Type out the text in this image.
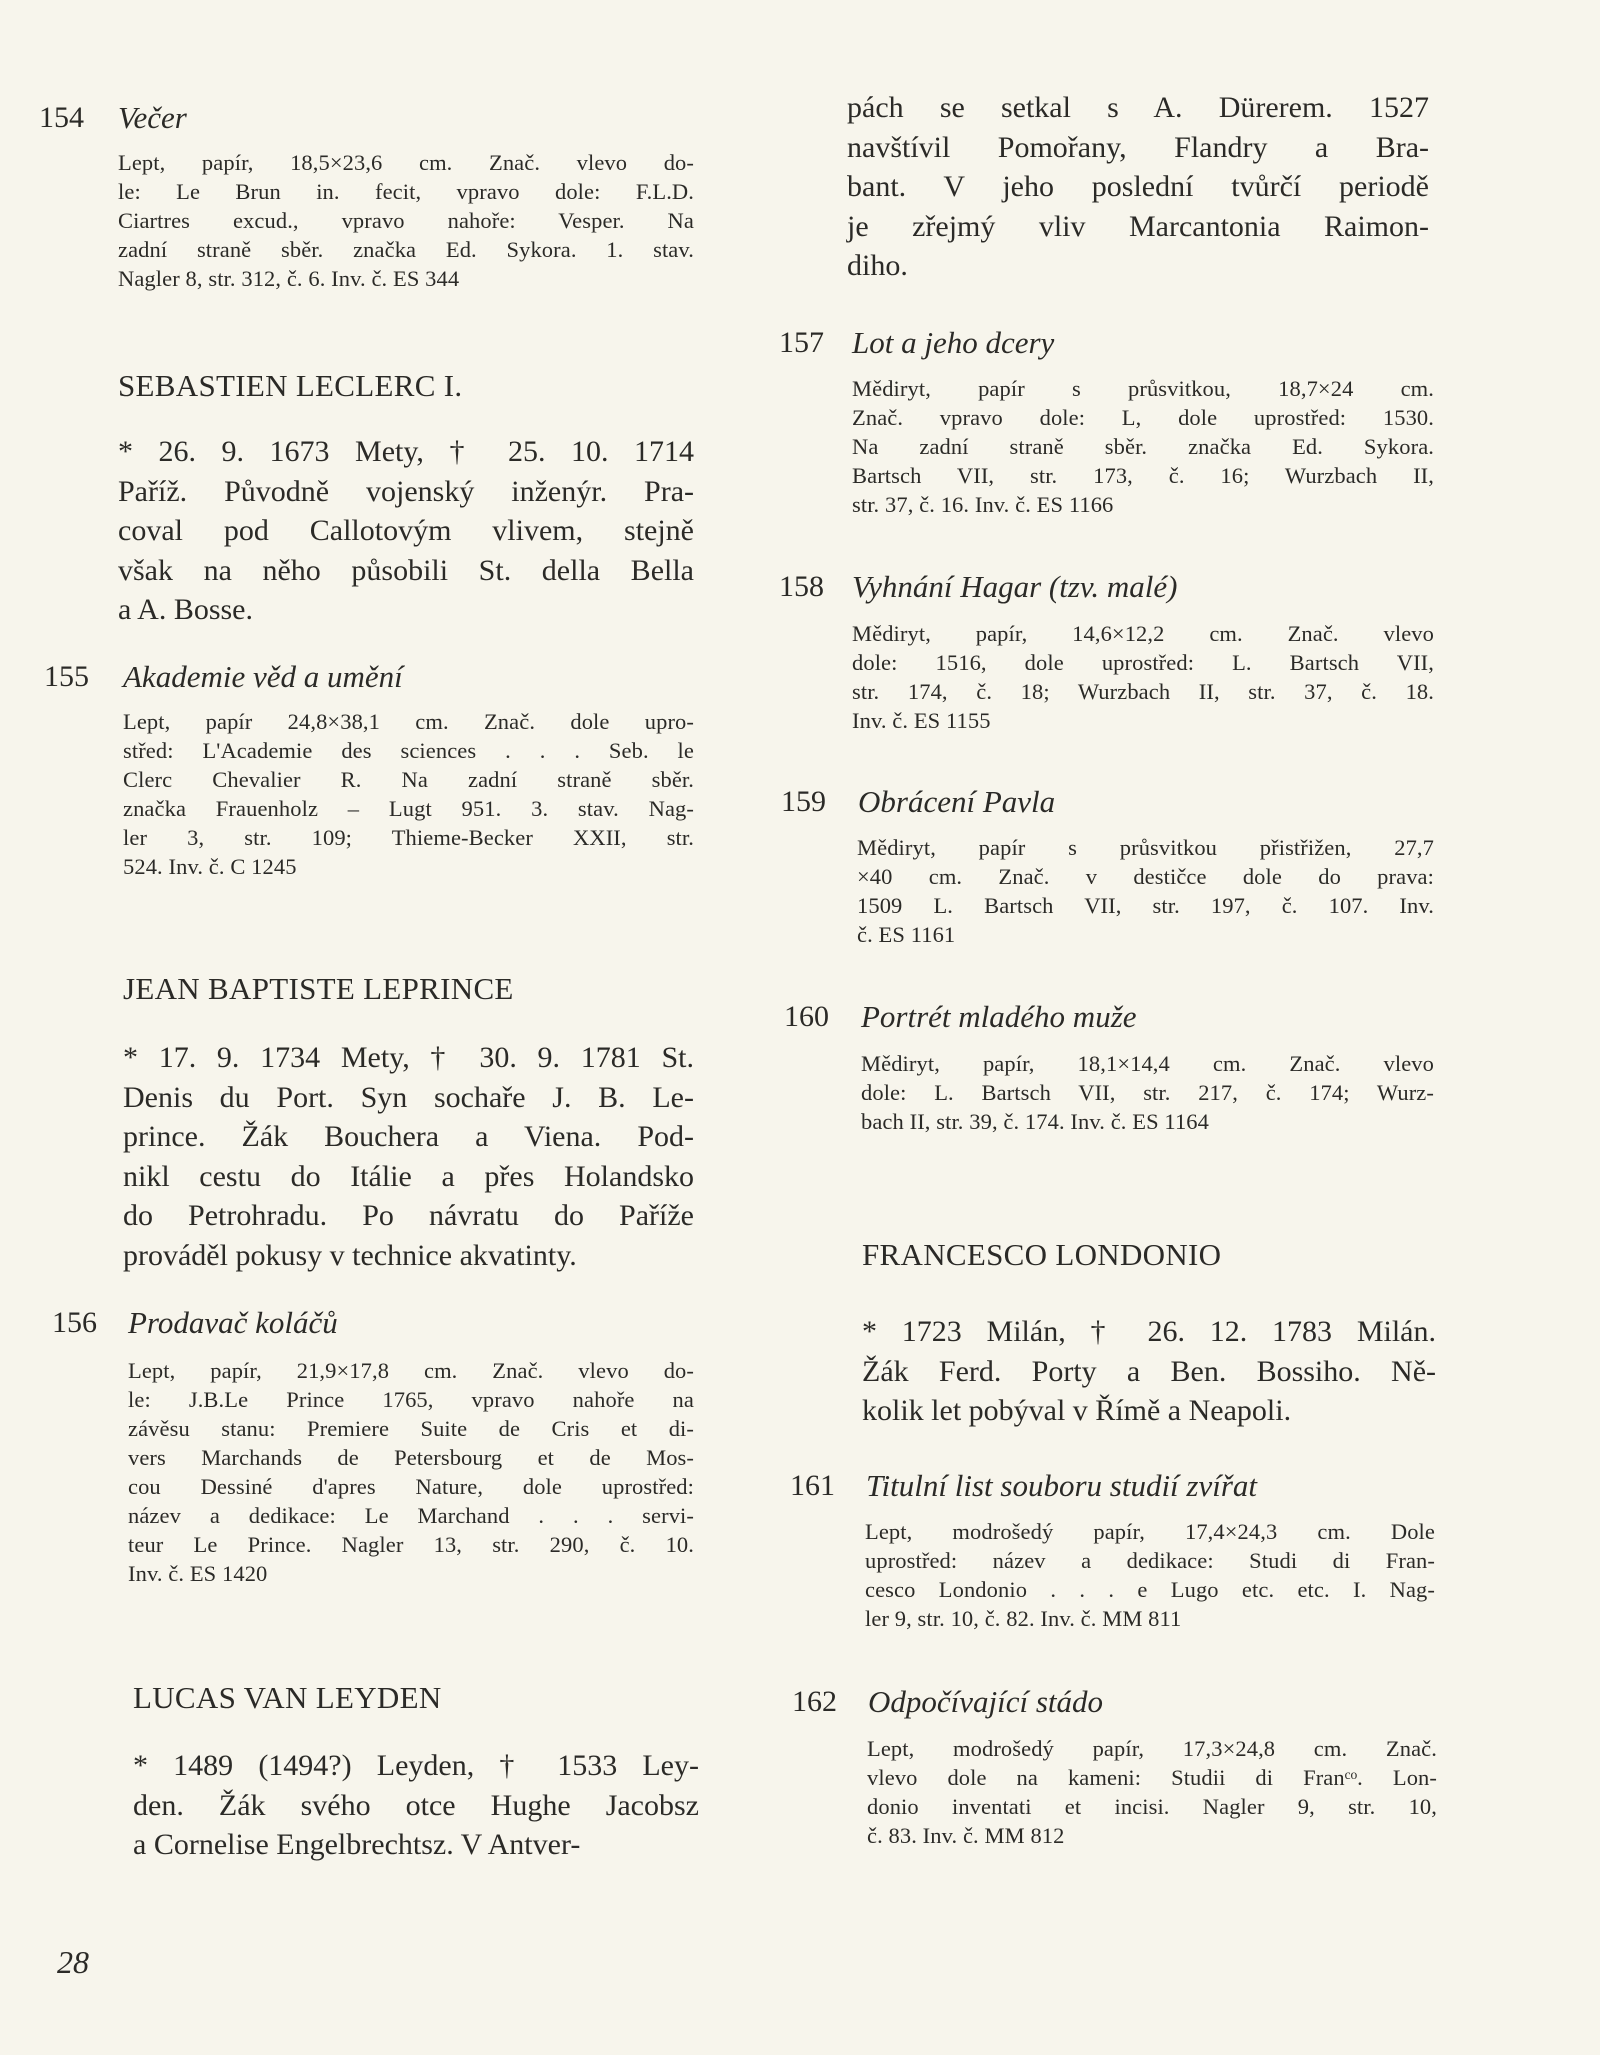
154 Večer
Lept, papír, 18,5×23,6 cm. Znač. vlevo do-
le: Le Brun in. fecit, vpravo dole: F.L.D.
Ciartres excud., vpravo nahoře: Vesper. Na
zadní straně sběr. značka Ed. Sykora. 1. stav.
Nagler 8, str. 312, č. 6. Inv. č. ES 344
SEBASTIEN LECLERC I.
* 26. 9. 1673 Mety, † 25. 10. 1714
Paříž. Původně vojenský inženýr. Pra-
coval pod Callotovým vlivem, stejně
však na něho působili St. della Bella
a A. Bosse.
155 Akademie věd a umění
Lept, papír 24,8×38,1 cm. Znač. dole upro-
střed: L'Academie des sciences . . . Seb. le
Clerc Chevalier R. Na zadní straně sběr.
značka Frauenholz – Lugt 951. 3. stav. Nag-
ler 3, str. 109; Thieme-Becker XXII, str.
524. Inv. č. C 1245
JEAN BAPTISTE LEPRINCE
* 17. 9. 1734 Mety, † 30. 9. 1781 St.
Denis du Port. Syn sochaře J. B. Le-
prince. Žák Bouchera a Viena. Pod-
nikl cestu do Itálie a přes Holandsko
do Petrohradu. Po návratu do Paříže
prováděl pokusy v technice akvatinty.
156 Prodavač koláčů
Lept, papír, 21,9×17,8 cm. Znač. vlevo do-
le: J.B.Le Prince 1765, vpravo nahoře na
závěsu stanu: Premiere Suite de Cris et di-
vers Marchands de Petersbourg et de Mos-
cou Dessiné d'apres Nature, dole uprostřed:
název a dedikace: Le Marchand . . . servi-
teur Le Prince. Nagler 13, str. 290, č. 10.
Inv. č. ES 1420
LUCAS VAN LEYDEN
* 1489 (1494?) Leyden, † 1533 Ley-
den. Žák svého otce Hughe Jacobsz
a Cornelise Engelbrechtsz. V Antver-
28
pách se setkal s A. Dürerem. 1527
navštívil Pomořany, Flandry a Bra-
bant. V jeho poslední tvůrčí periodě
je zřejmý vliv Marcantonia Raimon-
diho.
157 Lot a jeho dcery
Mědiryt, papír s průsvitkou, 18,7×24 cm.
Znač. vpravo dole: L, dole uprostřed: 1530.
Na zadní straně sběr. značka Ed. Sykora.
Bartsch VII, str. 173, č. 16; Wurzbach II,
str. 37, č. 16. Inv. č. ES 1166
158 Vyhnání Hagar (tzv. malé)
Mědiryt, papír, 14,6×12,2 cm. Znač. vlevo
dole: 1516, dole uprostřed: L. Bartsch VII,
str. 174, č. 18; Wurzbach II, str. 37, č. 18.
Inv. č. ES 1155
159 Obrácení Pavla
Mědiryt, papír s průsvitkou přistřižen, 27,7
×40 cm. Znač. v destičce dole do prava:
1509 L. Bartsch VII, str. 197, č. 107. Inv.
č. ES 1161
160 Portrét mladého muže
Mědiryt, papír, 18,1×14,4 cm. Znač. vlevo
dole: L. Bartsch VII, str. 217, č. 174; Wurz-
bach II, str. 39, č. 174. Inv. č. ES 1164
FRANCESCO LONDONIO
* 1723 Milán, † 26. 12. 1783 Milán.
Žák Ferd. Porty a Ben. Bossiho. Ně-
kolik let pobýval v Římě a Neapoli.
161 Titulní list souboru studií zvířat
Lept, modrošedý papír, 17,4×24,3 cm. Dole
uprostřed: název a dedikace: Studi di Fran-
cesco Londonio . . . e Lugo etc. etc. I. Nag-
ler 9, str. 10, č. 82. Inv. č. MM 811
162 Odpočívající stádo
Lept, modrošedý papír, 17,3×24,8 cm. Znač.
vlevo dole na kameni: Studii di Franᶜᵒ. Lon-
donio inventati et incisi. Nagler 9, str. 10,
č. 83. Inv. č. MM 812
